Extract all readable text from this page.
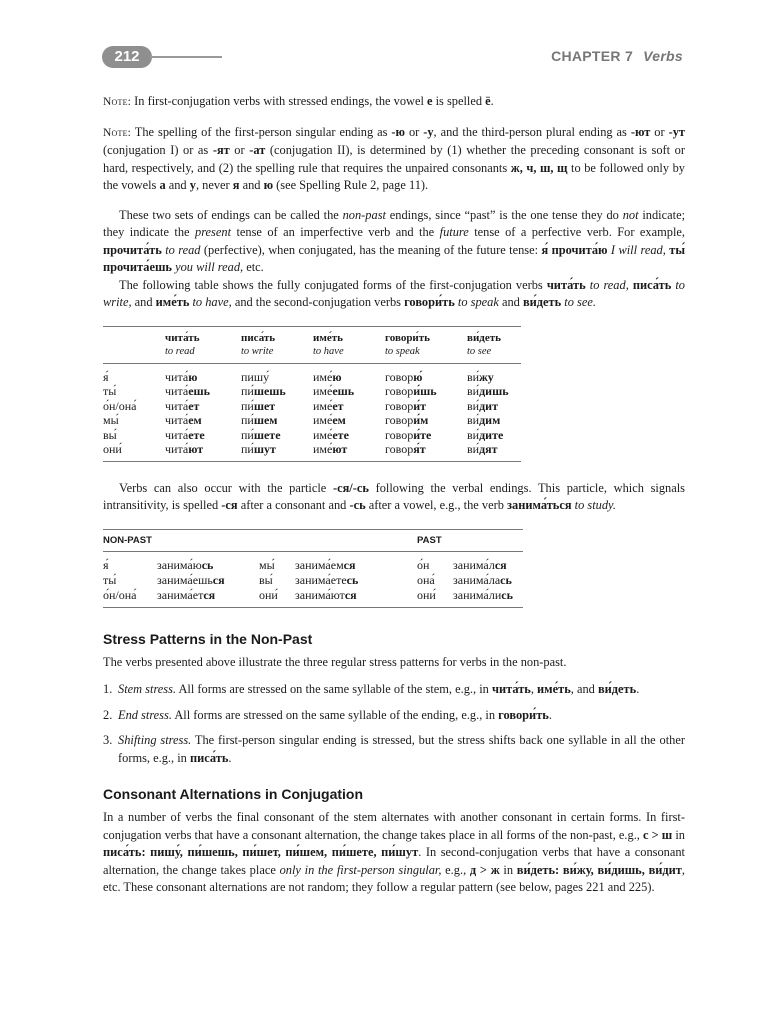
212	CHAPTER 7 Verbs

Note: In first-conjugation verbs with stressed endings, the vowel е is spelled ё.

Note: The spelling of the first-person singular ending as -ю or -у, and the third-person plural ending as -ют or -ут (conjugation I) or as -ят or -ат (conjugation II), is determined by (1) whether the preceding consonant is soft or hard, respectively, and (2) the spelling rule that requires the unpaired consonants ж, ч, ш, щ to be followed only by the vowels а and у, never я and ю (see Spelling Rule 2, page 11).

These two sets of endings can be called the non-past endings, since “past” is the one tense they do not indicate; they indicate the present tense of an imperfective verb and the future tense of a perfective verb. For example, прочита́ть to read (perfective), when conjugated, has the meaning of the future tense: я́ прочита́ю I will read, ты́ прочита́ешь you will read, etc.

The following table shows the fully conjugated forms of the first-conjugation verbs чита́ть to read, писа́ть to write, and име́ть to have, and the second-conjugation verbs говори́ть to speak and ви́деть to see.

	чита́ть	писа́ть	име́ть	говори́ть	ви́деть
	to read	to write	to have	to speak	to see
я́	чита́ю	пишу́	име́ю	говорю́	ви́жу
ты́	чита́ешь	пи́шешь	име́ешь	говори́шь	ви́дишь
о́н/она́	чита́ет	пи́шет	име́ет	говори́т	ви́дит
мы́	чита́ем	пи́шем	име́ем	говори́м	ви́дим
вы́	чита́ете	пи́шете	име́ете	говори́те	ви́дите
они́	чита́ют	пи́шут	име́ют	говоря́т	ви́дят

Verbs can also occur with the particle -ся/-сь following the verbal endings. This particle, which signals intransitivity, is spelled -ся after a consonant and -сь after a vowel, e.g., the verb занима́ться to study.

NON-PAST				PAST	
я́	занима́юсь	мы́	занима́емся	о́н	занима́лся
ты́	занима́ешься	вы́	занима́етесь	она́	занима́лась
о́н/она́	занима́ется	они́	занима́ются	они́	занима́лись
Stress Patterns in the Non-Past

The verbs presented above illustrate the three regular stress patterns for verbs in the non-past.

1. Stem stress. All forms are stressed on the same syllable of the stem, e.g., in чита́ть, име́ть, and ви́деть.
2. End stress. All forms are stressed on the same syllable of the ending, e.g., in говори́ть.
3. Shifting stress. The first-person singular ending is stressed, but the stress shifts back one syllable in all the other forms, e.g., in писа́ть.
Consonant Alternations in Conjugation

In a number of verbs the final consonant of the stem alternates with another consonant in certain forms. In first-conjugation verbs that have a consonant alternation, the change takes place in all forms of the non-past, e.g., с > ш in писа́ть: пишу́, пи́шешь, пи́шет, пи́шем, пи́шете, пи́шут. In second-conjugation verbs that have a consonant alternation, the change takes place only in the first-person singular, e.g., д > ж in ви́деть: ви́жу, ви́дишь, ви́дит, etc. These consonant alternations are not random; they follow a regular pattern (see below, pages 221 and 225).
